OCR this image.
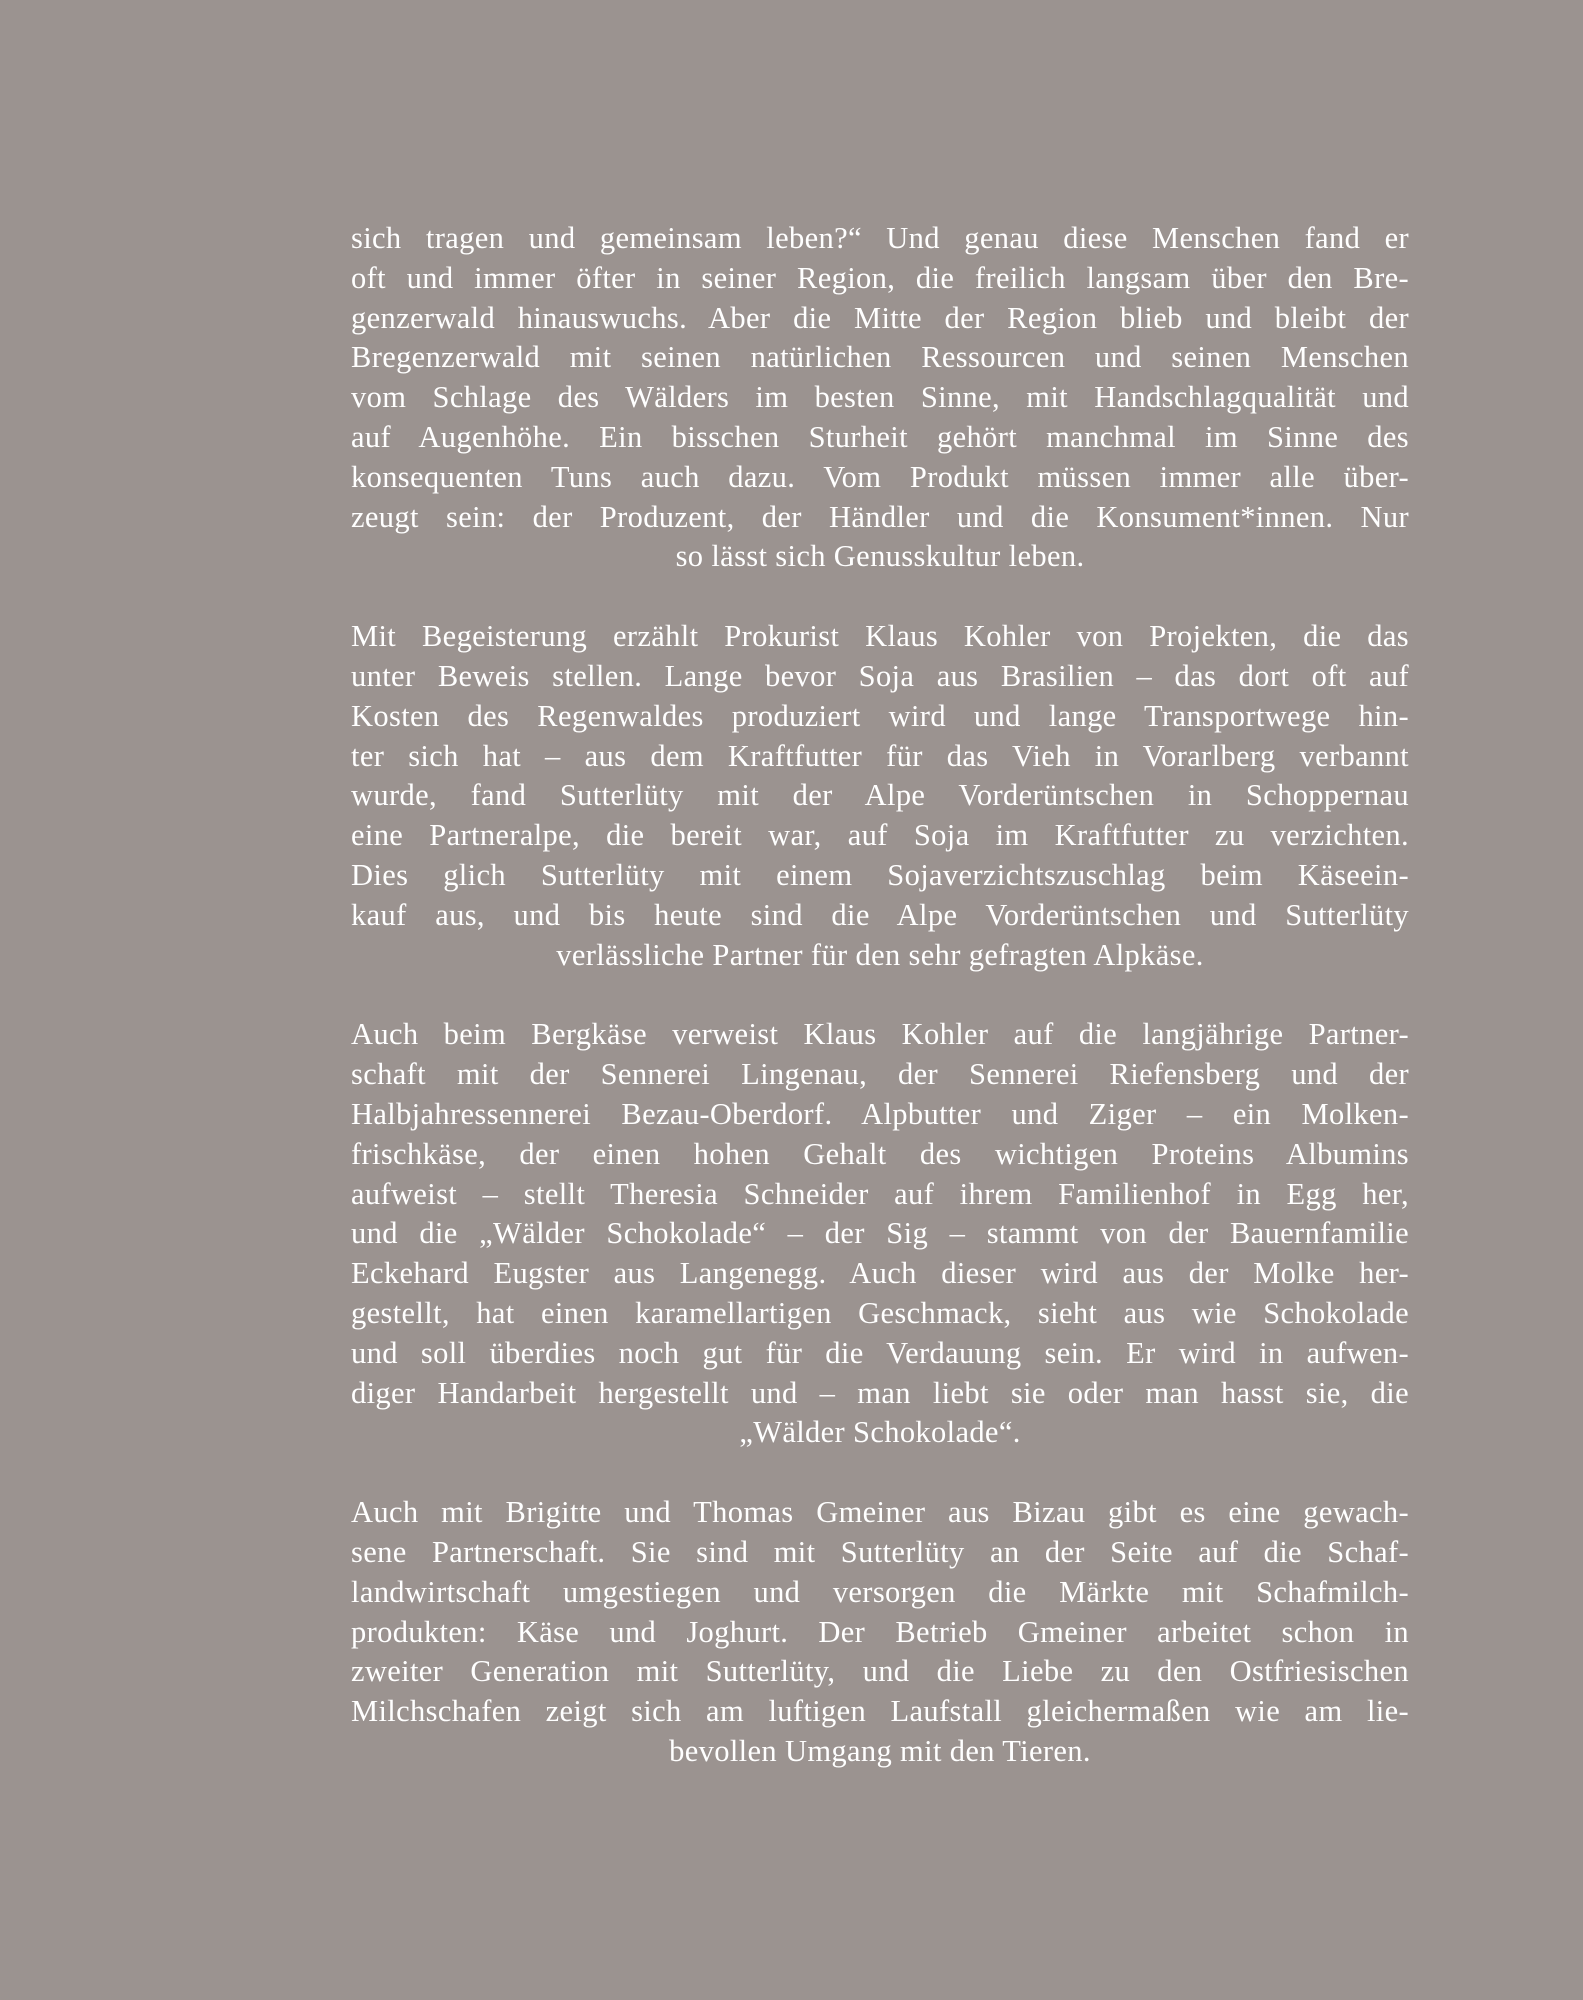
sich tragen und gemeinsam leben?“ Und genau diese Menschen fand er
oft und immer öfter in seiner Region, die freilich langsam über den Bre-
genzerwald hinauswuchs. Aber die Mitte der Region blieb und bleibt der
Bregenzerwald mit seinen natürlichen Ressourcen und seinen Menschen
vom Schlage des Wälders im besten Sinne, mit Handschlagqualität und
auf Augenhöhe. Ein bisschen Sturheit gehört manchmal im Sinne des
konsequenten Tuns auch dazu. Vom Produkt müssen immer alle über-
zeugt sein: der Produzent, der Händler und die Konsument*innen. Nur
so lässt sich Genusskultur leben.

Mit Begeisterung erzählt Prokurist Klaus Kohler von Projekten, die das
unter Beweis stellen. Lange bevor Soja aus Brasilien – das dort oft auf
Kosten des Regenwaldes produziert wird und lange Transportwege hin-
ter sich hat – aus dem Kraftfutter für das Vieh in Vorarlberg verbannt
wurde, fand Sutterlüty mit der Alpe Vorderüntschen in Schoppernau
eine Partneralpe, die bereit war, auf Soja im Kraftfutter zu verzichten.
Dies glich Sutterlüty mit einem Sojaverzichtszuschlag beim Käseein-
kauf aus, und bis heute sind die Alpe Vorderüntschen und Sutterlüty
verlässliche Partner für den sehr gefragten Alpkäse.

Auch beim Bergkäse verweist Klaus Kohler auf die langjährige Partner-
schaft mit der Sennerei Lingenau, der Sennerei Riefensberg und der
Halbjahressennerei Bezau-Oberdorf. Alpbutter und Ziger – ein Molken-
frischkäse, der einen hohen Gehalt des wichtigen Proteins Albumins
aufweist – stellt Theresia Schneider auf ihrem Familienhof in Egg her,
und die „Wälder Schokolade“ – der Sig – stammt von der Bauernfamilie
Eckehard Eugster aus Langenegg. Auch dieser wird aus der Molke her-
gestellt, hat einen karamellartigen Geschmack, sieht aus wie Schokolade
und soll überdies noch gut für die Verdauung sein. Er wird in aufwen-
diger Handarbeit hergestellt und – man liebt sie oder man hasst sie, die
„Wälder Schokolade“.

Auch mit Brigitte und Thomas Gmeiner aus Bizau gibt es eine gewach-
sene Partnerschaft. Sie sind mit Sutterlüty an der Seite auf die Schaf-
landwirtschaft umgestiegen und versorgen die Märkte mit Schafmilch-
produkten: Käse und Joghurt. Der Betrieb Gmeiner arbeitet schon in
zweiter Generation mit Sutterlüty, und die Liebe zu den Ostfriesischen
Milchschafen zeigt sich am luftigen Laufstall gleichermaßen wie am lie-
bevollen Umgang mit den Tieren.
